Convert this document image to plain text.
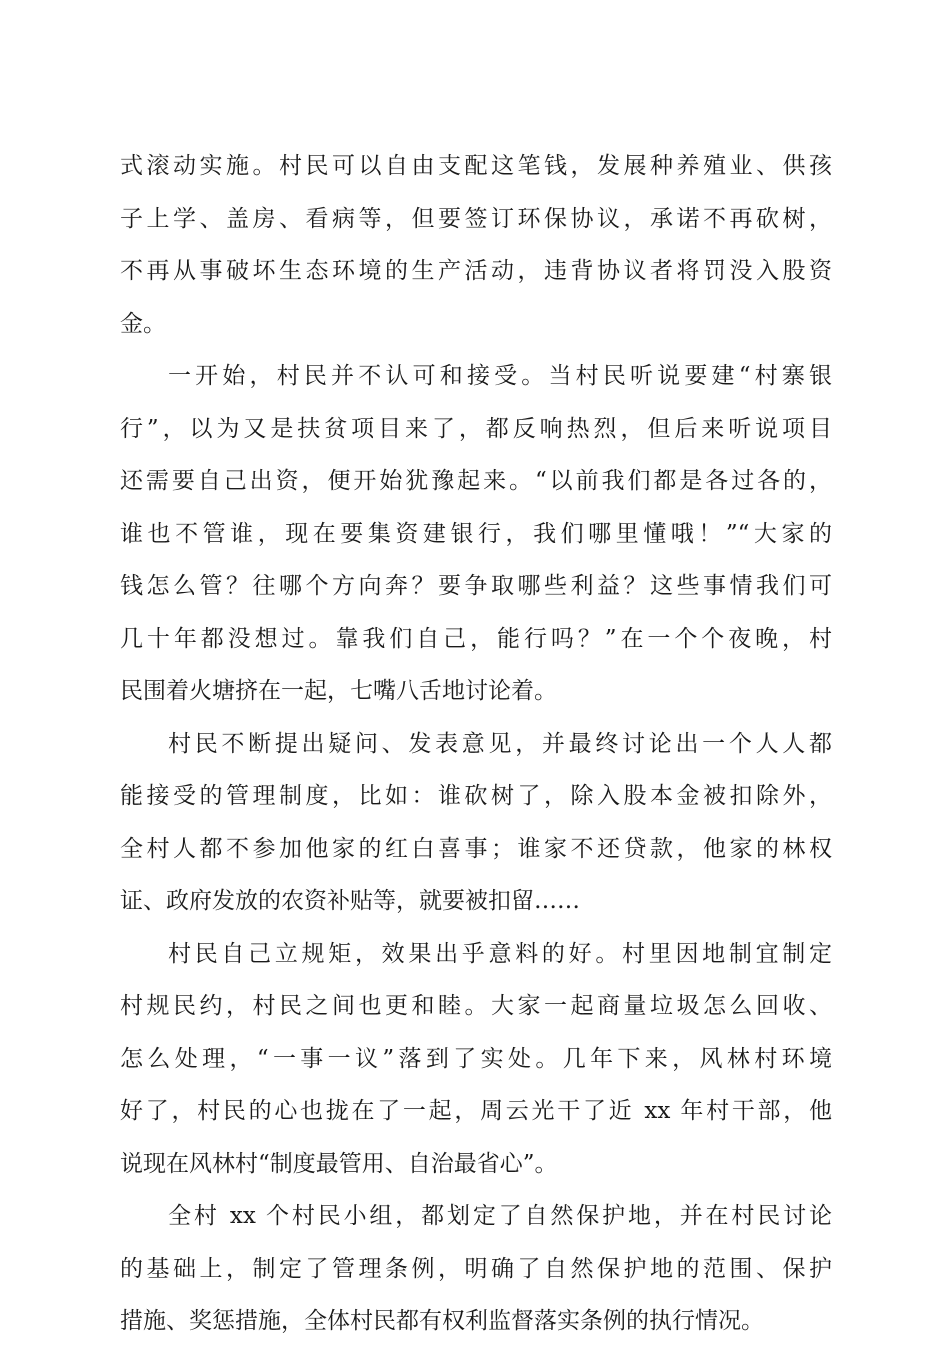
式滚动实施。村民可以自由支配这笔钱，发展种养殖业、供孩
子上学、盖房、看病等，但要签订环保协议，承诺不再砍树，
不再从事破坏生态环境的生产活动，违背协议者将罚没入股资
金。
一开始，村民并不认可和接受。当村民听说要建“村寨银
行”，以为又是扶贫项目来了，都反响热烈，但后来听说项目
还需要自己出资，便开始犹豫起来。“以前我们都是各过各的，
谁也不管谁，现在要集资建银行，我们哪里懂哦！”“大家的
钱怎么管？往哪个方向奔？要争取哪些利益？这些事情我们可
几十年都没想过。靠我们自己，能行吗？”在一个个夜晚，村
民围着火塘挤在一起，七嘴八舌地讨论着。
村民不断提出疑问、发表意见，并最终讨论出一个人人都
能接受的管理制度，比如：谁砍树了，除入股本金被扣除外，
全村人都不参加他家的红白喜事；谁家不还贷款，他家的林权
证、政府发放的农资补贴等，就要被扣留……
村民自己立规矩，效果出乎意料的好。村里因地制宜制定
村规民约，村民之间也更和睦。大家一起商量垃圾怎么回收、
怎么处理，“一事一议”落到了实处。几年下来，风林村环境
好了，村民的心也拢在了一起，周云光干了近 xx 年村干部，他
说现在风林村“制度最管用、自治最省心”。
全村 xx 个村民小组，都划定了自然保护地，并在村民讨论
的基础上，制定了管理条例，明确了自然保护地的范围、保护
措施、奖惩措施，全体村民都有权利监督落实条例的执行情况。
